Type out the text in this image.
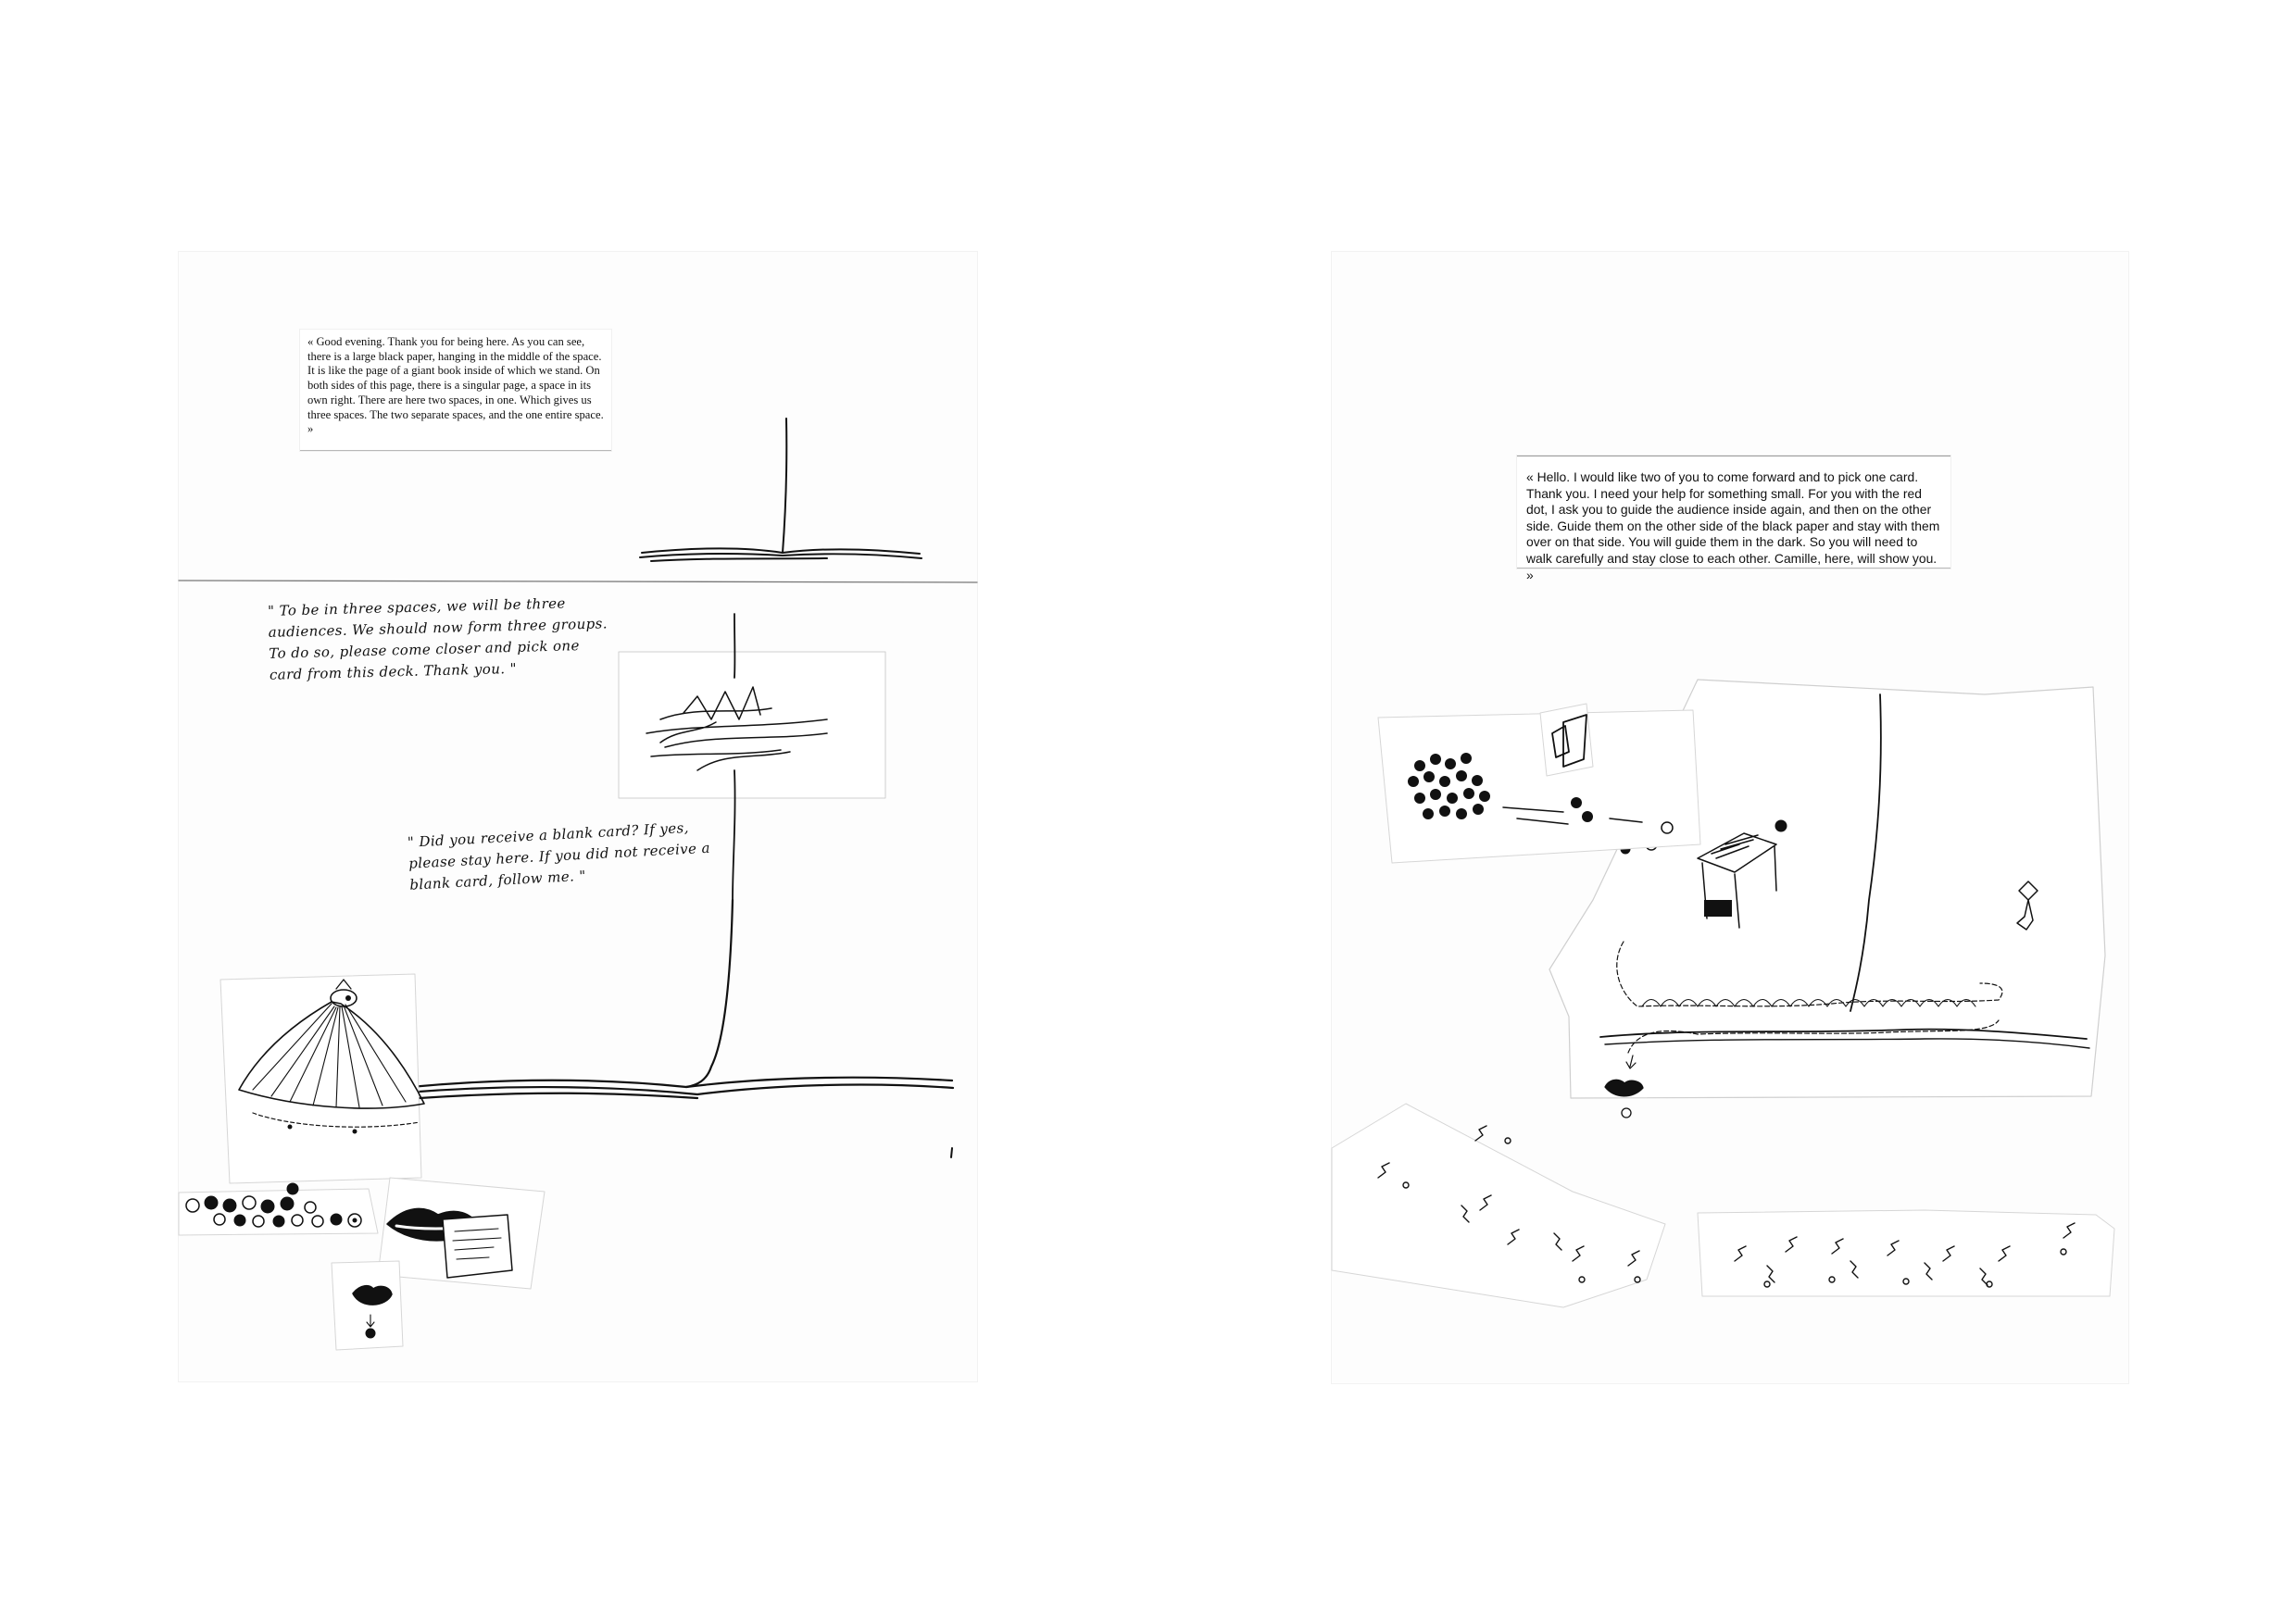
« Good evening. Thank you for being here. As you can see, there is a large black paper, hanging in the middle of the space. It is like the page of a giant book inside of which we stand. On both sides of this page, there is a singular page, a space in its own right. There are here two spaces, in one. Which gives us three spaces. The two separate spaces, and the one entire space. »
" To be in three spaces, we will be three audiences. We should now form three groups. To do so, please come closer and pick one card from this deck. Thank you. "
" Did you receive a blank card? If yes, please stay here. If you did not receive a blank card, follow me. "
« Hello. I would like two of you to come forward and to pick one card. Thank you. I need your help for something small. For you with the red dot, I ask you to guide the audience inside again, and then on the other side. Guide them on the other side of the black paper and stay with them over on that side. You will guide them in the dark. So you will need to walk carefully and stay close to each other. Camille, here, will show you. »
